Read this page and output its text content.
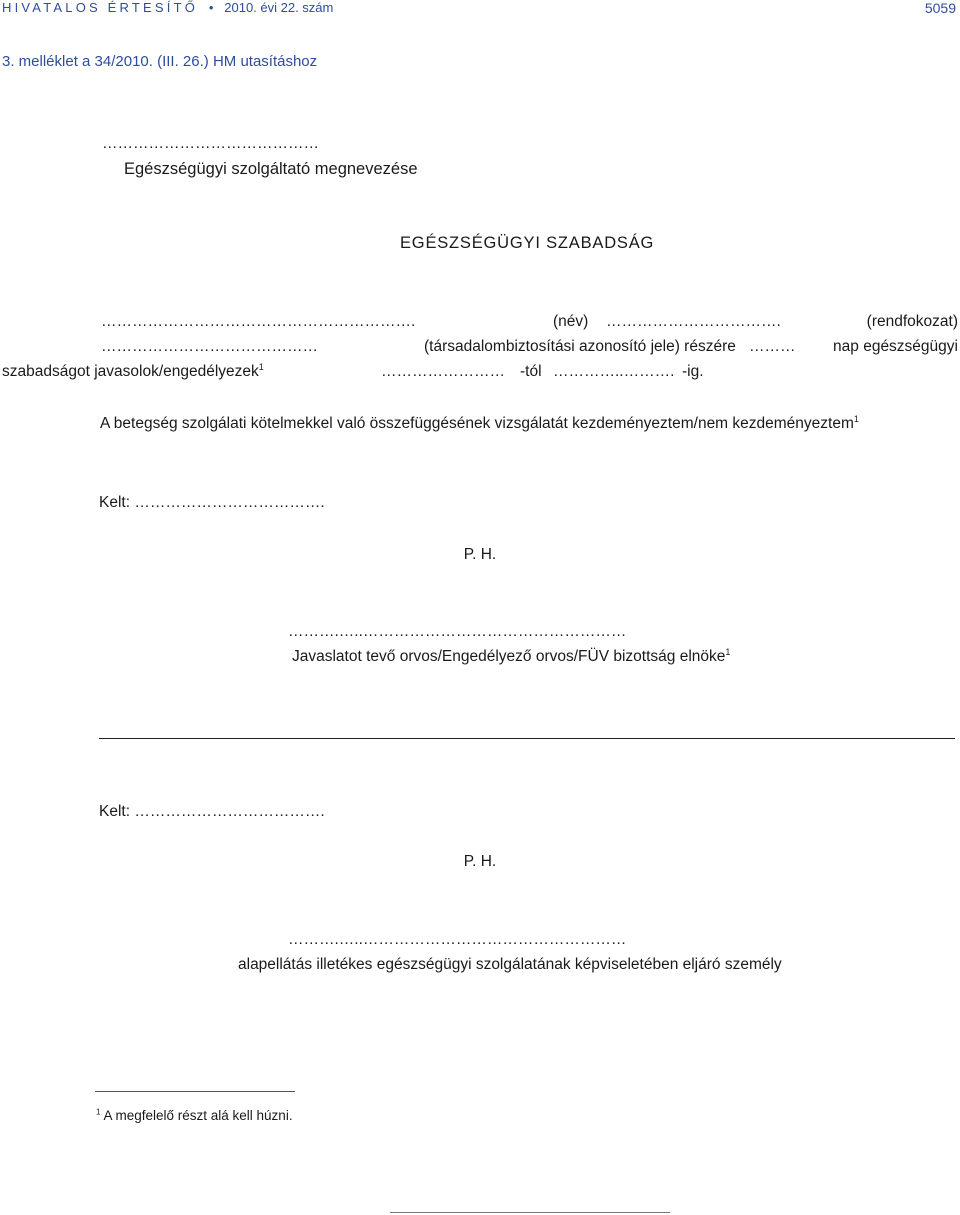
HIVATALOS ÉRTESÍTŐ • 2010. évi 22. szám	5059
3. melléklet a 34/2010. (III. 26.) HM utasításhoz
……………………………………
Egészségügyi szolgáltató megnevezése
EGÉSZSÉGÜGYI SZABADSÁG
…………………………………………………….	(név) …………………………….	(rendfokozat)
……………………………………	(társadalombiztosítási azonosító jele) részére ……… nap egészségügyi
szabadságot javasolok/engedélyezek$^1$	…………………… -tól …………..………. -ig.
A betegség szolgálati kötelmekkel való összefüggésének vizsgálatát kezdeményeztem/nem kezdeményeztem$^1$
Kelt: ……………………………….
P. H.
……….…..……………………………………………
Javaslatot tevő orvos/Engedélyező orvos/FÜV bizottság elnöke$^1$
Kelt: ……………………………….
P. H.
……….…..……………………………………………
alapellátás illetékes egészségügyi szolgálatának képviseletében eljáró személy
$^1$ A megfelelő részt alá kell húzni.
